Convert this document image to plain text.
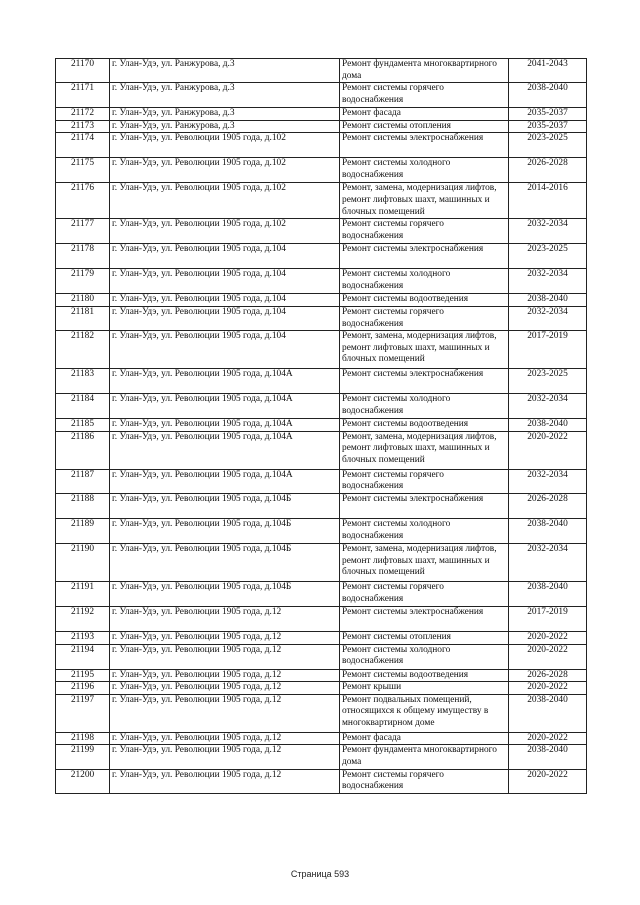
21170	г. Улан-Удэ, ул. Ранжурова, д.3	Ремонт фундамента многоквартирного дома	2041-2043
21171	г. Улан-Удэ, ул. Ранжурова, д.3	Ремонт системы горячего водоснабжения	2038-2040
21172	г. Улан-Удэ, ул. Ранжурова, д.3	Ремонт фасада	2035-2037
21173	г. Улан-Удэ, ул. Ранжурова, д.3	Ремонт системы отопления	2035-2037
21174	г. Улан-Удэ, ул. Революции 1905 года, д.102	Ремонт системы электроснабжения	2023-2025
21175	г. Улан-Удэ, ул. Революции 1905 года, д.102	Ремонт системы холодного водоснабжения	2026-2028
21176	г. Улан-Удэ, ул. Революции 1905 года, д.102	Ремонт, замена, модернизация лифтов, ремонт лифтовых шахт, машинных и блочных помещений	2014-2016
21177	г. Улан-Удэ, ул. Революции 1905 года, д.102	Ремонт системы горячего водоснабжения	2032-2034
21178	г. Улан-Удэ, ул. Революции 1905 года, д.104	Ремонт системы электроснабжения	2023-2025
21179	г. Улан-Удэ, ул. Революции 1905 года, д.104	Ремонт системы холодного водоснабжения	2032-2034
21180	г. Улан-Удэ, ул. Революции 1905 года, д.104	Ремонт системы водоотведения	2038-2040
21181	г. Улан-Удэ, ул. Революции 1905 года, д.104	Ремонт системы горячего водоснабжения	2032-2034
21182	г. Улан-Удэ, ул. Революции 1905 года, д.104	Ремонт, замена, модернизация лифтов, ремонт лифтовых шахт, машинных и блочных помещений	2017-2019
21183	г. Улан-Удэ, ул. Революции 1905 года, д.104А	Ремонт системы электроснабжения	2023-2025
21184	г. Улан-Удэ, ул. Революции 1905 года, д.104А	Ремонт системы холодного водоснабжения	2032-2034
21185	г. Улан-Удэ, ул. Революции 1905 года, д.104А	Ремонт системы водоотведения	2038-2040
21186	г. Улан-Удэ, ул. Революции 1905 года, д.104А	Ремонт, замена, модернизация лифтов, ремонт лифтовых шахт, машинных и блочных помещений	2020-2022
21187	г. Улан-Удэ, ул. Революции 1905 года, д.104А	Ремонт системы горячего водоснабжения	2032-2034
21188	г. Улан-Удэ, ул. Революции 1905 года, д.104Б	Ремонт системы электроснабжения	2026-2028
21189	г. Улан-Удэ, ул. Революции 1905 года, д.104Б	Ремонт системы холодного водоснабжения	2038-2040
21190	г. Улан-Удэ, ул. Революции 1905 года, д.104Б	Ремонт, замена, модернизация лифтов, ремонт лифтовых шахт, машинных и блочных помещений	2032-2034
21191	г. Улан-Удэ, ул. Революции 1905 года, д.104Б	Ремонт системы горячего водоснабжения	2038-2040
21192	г. Улан-Удэ, ул. Революции 1905 года, д.12	Ремонт системы электроснабжения	2017-2019
21193	г. Улан-Удэ, ул. Революции 1905 года, д.12	Ремонт системы отопления	2020-2022
21194	г. Улан-Удэ, ул. Революции 1905 года, д.12	Ремонт системы холодного водоснабжения	2020-2022
21195	г. Улан-Удэ, ул. Революции 1905 года, д.12	Ремонт системы водоотведения	2026-2028
21196	г. Улан-Удэ, ул. Революции 1905 года, д.12	Ремонт крыши	2020-2022
21197	г. Улан-Удэ, ул. Революции 1905 года, д.12	Ремонт подвальных помещений, относящихся к общему имуществу в многоквартирном доме	2038-2040
21198	г. Улан-Удэ, ул. Революции 1905 года, д.12	Ремонт фасада	2020-2022
21199	г. Улан-Удэ, ул. Революции 1905 года, д.12	Ремонт фундамента многоквартирного дома	2038-2040
21200	г. Улан-Удэ, ул. Революции 1905 года, д.12	Ремонт системы горячего водоснабжения	2020-2022
Страница 593
